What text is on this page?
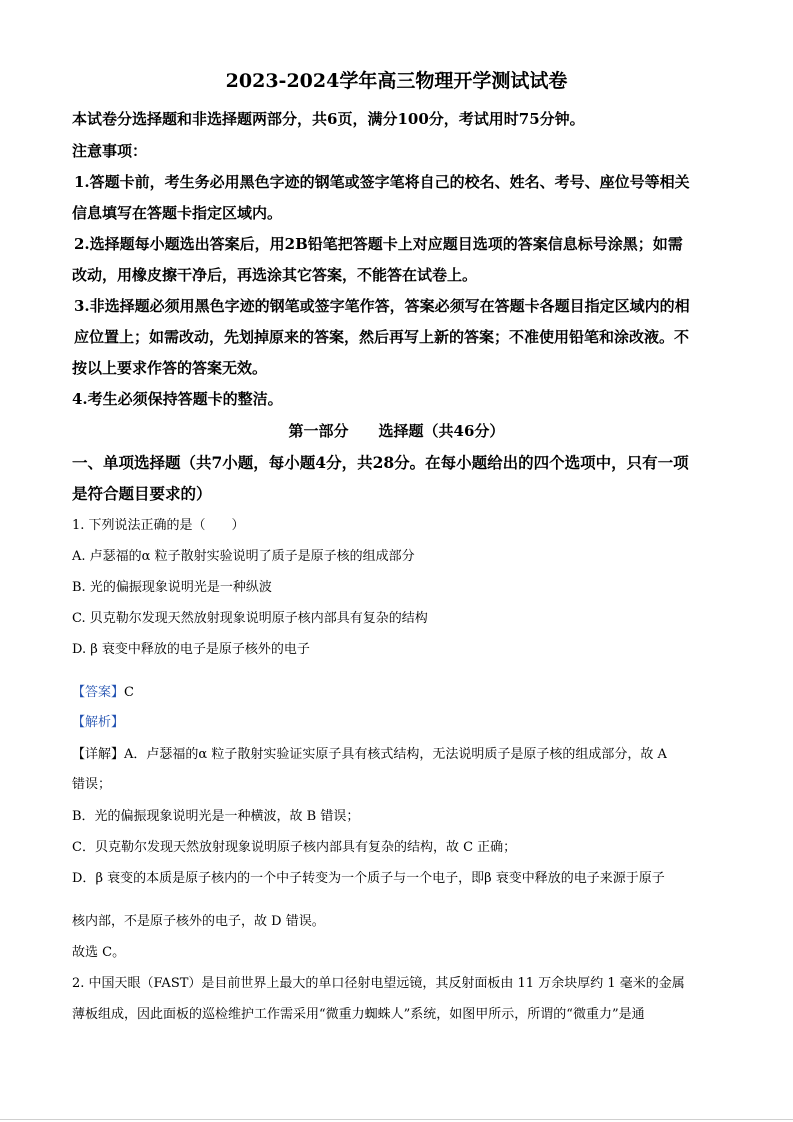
2023-2024学年高三物理开学测试试卷
本试卷分选择题和非选择题两部分，共6页，满分100分，考试用时75分钟。
注意事项：
1.答题卡前，考生务必用黑色字迹的钢笔或签字笔将自己的校名、姓名、考号、座位号等相关
信息填写在答题卡指定区域内。
2.选择题每小题选出答案后，用2B铅笔把答题卡上对应题目选项的答案信息标号涂黑；如需
改动，用橡皮擦干净后，再选涂其它答案，不能答在试卷上。
3.非选择题必须用黑色字迹的钢笔或签字笔作答，答案必须写在答题卡各题目指定区域内的相
应位置上；如需改动，先划掉原来的答案，然后再写上新的答案；不准使用铅笔和涂改液。不
按以上要求作答的答案无效。
4.考生必须保持答题卡的整洁。
第一部分　　选择题（共46分）
一、单项选择题（共7小题，每小题4分，共28分。在每小题给出的四个选项中，只有一项
是符合题目要求的）
1. 下列说法正确的是（　　）
A. 卢瑟福的α 粒子散射实验说明了质子是原子核的组成部分
B. 光的偏振现象说明光是一种纵波
C. 贝克勒尔发现天然放射现象说明原子核内部具有复杂的结构
D. β 衰变中释放的电子是原子核外的电子
【答案】C
【解析】
【详解】A．卢瑟福的α 粒子散射实验证实原子具有核式结构，无法说明质子是原子核的组成部分，故 A
错误；
B．光的偏振现象说明光是一种横波，故 B 错误；
C．贝克勒尔发现天然放射现象说明原子核内部具有复杂的结构，故 C 正确；
D．β 衰变的本质是原子核内的一个中子转变为一个质子与一个电子，即β 衰变中释放的电子来源于原子
核内部，不是原子核外的电子，故 D 错误。
故选 C。
2. 中国天眼（FAST）是目前世界上最大的单口径射电望远镜，其反射面板由 11 万余块厚约 1 毫米的金属
薄板组成，因此面板的巡检维护工作需采用“微重力蜘蛛人”系统，如图甲所示，所谓的“微重力”是通
